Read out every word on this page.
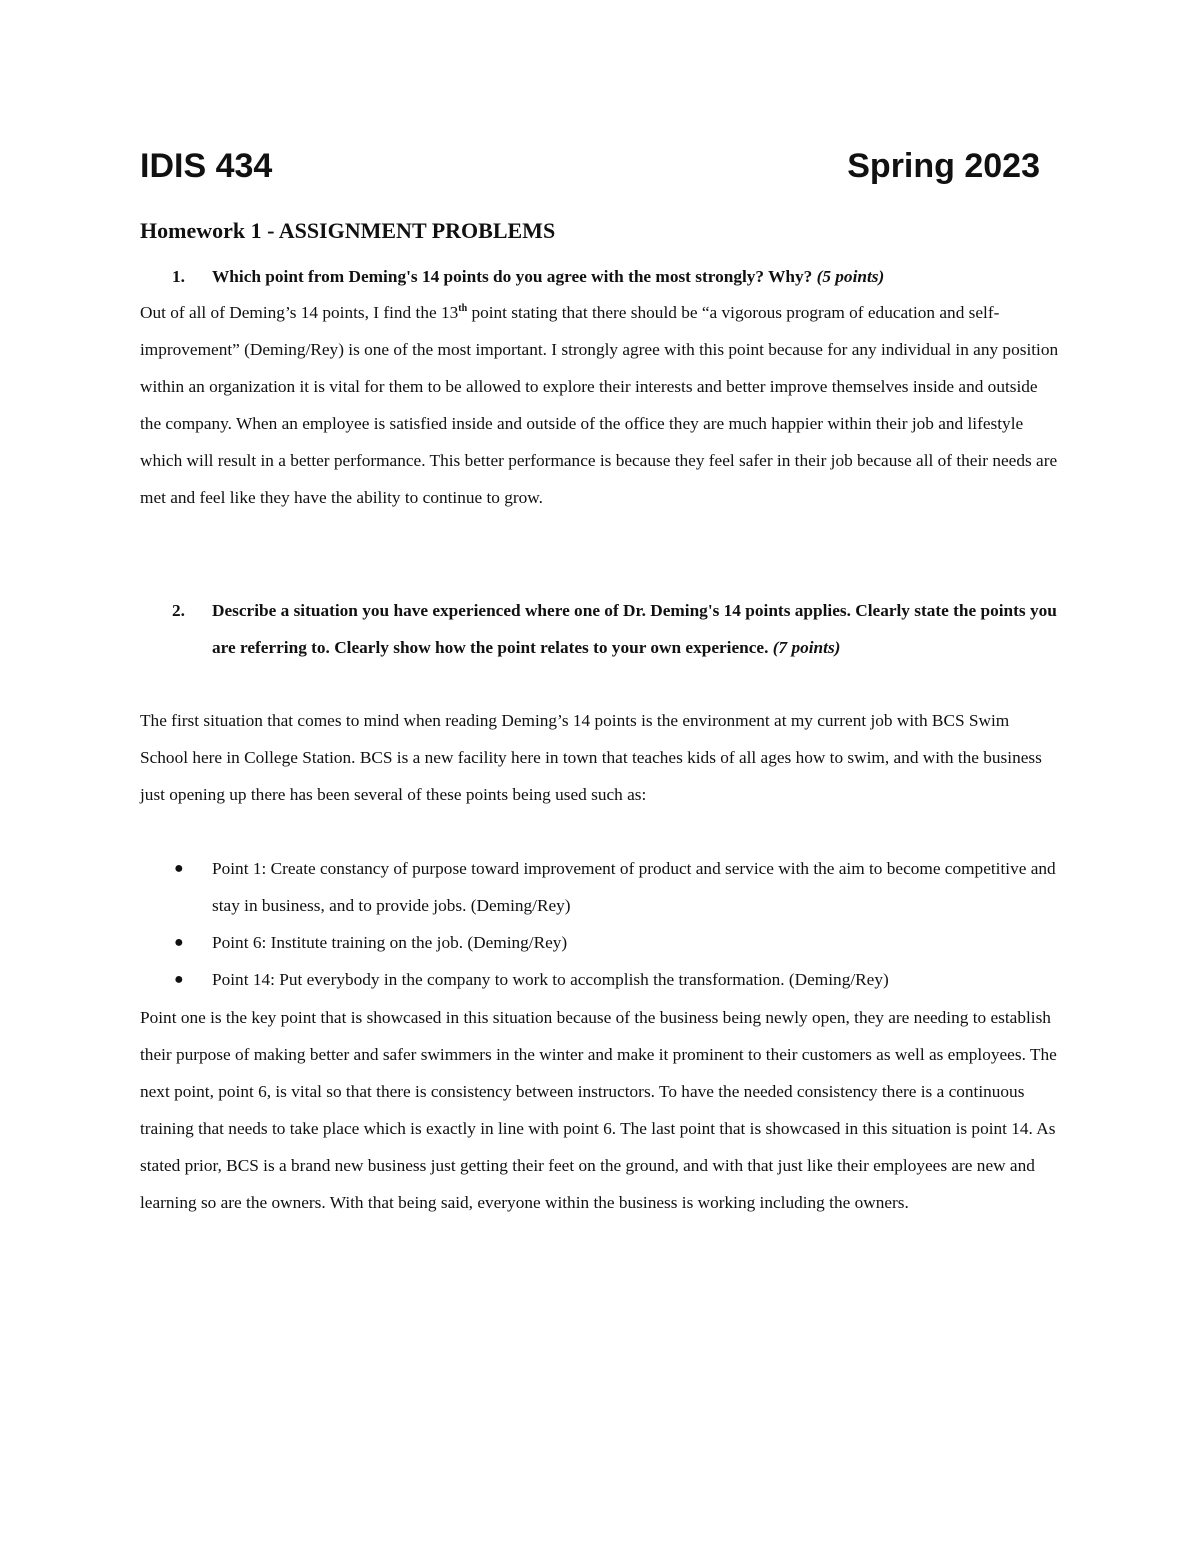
IDIS 434	Spring 2023
Homework 1 - ASSIGNMENT PROBLEMS
1. Which point from Deming's 14 points do you agree with the most strongly? Why? (5 points)

Out of all of Deming’s 14 points, I find the 13th point stating that there should be “a vigorous program of education and self-improvement” (Deming/Rey) is one of the most important. I strongly agree with this point because for any individual in any position within an organization it is vital for them to be allowed to explore their interests and better improve themselves inside and outside the company. When an employee is satisfied inside and outside of the office they are much happier within their job and lifestyle which will result in a better performance. This better performance is because they feel safer in their job because all of their needs are met and feel like they have the ability to continue to grow.

2. Describe a situation you have experienced where one of Dr. Deming's 14 points applies. Clearly state the points you are referring to. Clearly show how the point relates to your own experience. (7 points)

The first situation that comes to mind when reading Deming’s 14 points is the environment at my current job with BCS Swim School here in College Station. BCS is a new facility here in town that teaches kids of all ages how to swim, and with the business just opening up there has been several of these points being used such as:

● Point 1: Create constancy of purpose toward improvement of product and service with the aim to become competitive and stay in business, and to provide jobs. (Deming/Rey)
● Point 6: Institute training on the job. (Deming/Rey)
● Point 14: Put everybody in the company to work to accomplish the transformation. (Deming/Rey)

Point one is the key point that is showcased in this situation because of the business being newly open, they are needing to establish their purpose of making better and safer swimmers in the winter and make it prominent to their customers as well as employees. The next point, point 6, is vital so that there is consistency between instructors. To have the needed consistency there is a continuous training that needs to take place which is exactly in line with point 6. The last point that is showcased in this situation is point 14. As stated prior, BCS is a brand new business just getting their feet on the ground, and with that just like their employees are new and learning so are the owners. With that being said, everyone within the business is working including the owners.
